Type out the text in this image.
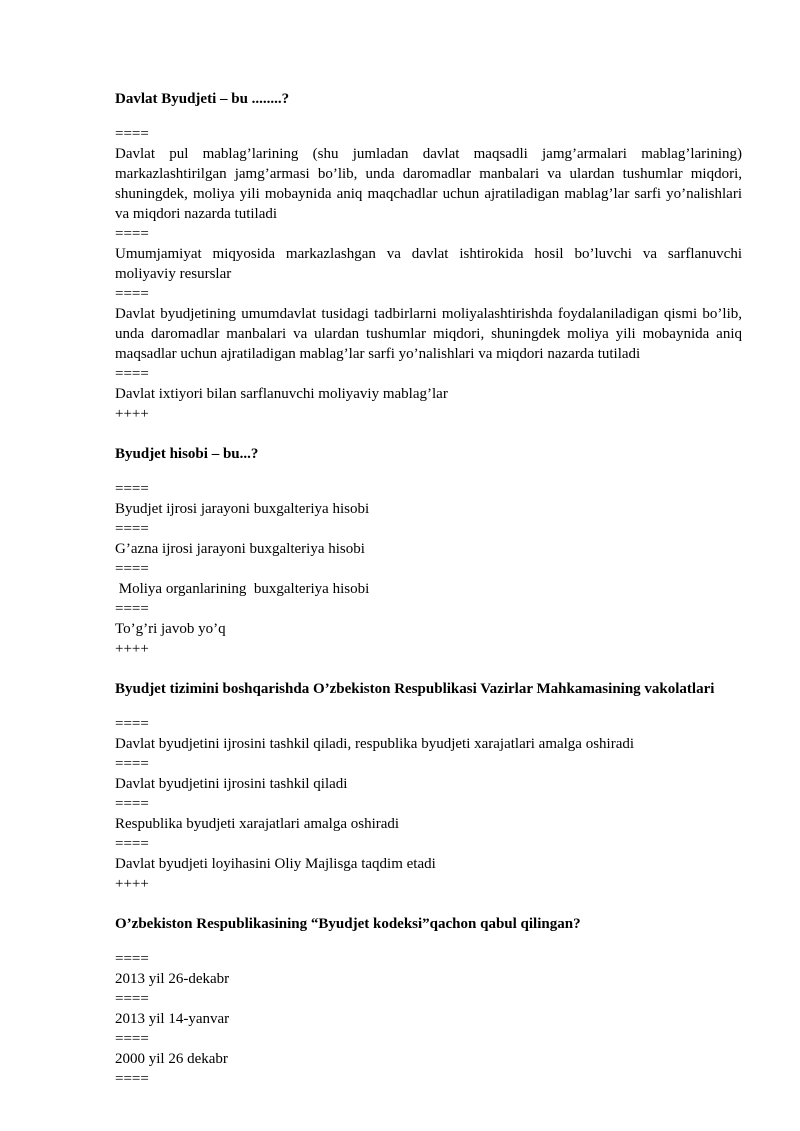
Davlat Byudjeti – bu ........?

====

Davlat pul mablag’larining (shu jumladan davlat maqsadli jamg’armalari mablag’larining) markazlashtirilgan jamg’armasi bo’lib, unda daromadlar manbalari va ulardan tushumlar miqdori, shuningdek, moliya yili mobaynida aniq maqchadlar uchun ajratiladigan mablag’lar sarfi yo’nalishlari va miqdori nazarda tutiladi

====

Umumjamiyat miqyosida markazlashgan va davlat ishtirokida hosil bo’luvchi va sarflanuvchi moliyaviy resurslar

====

Davlat byudjetining umumdavlat tusidagi tadbirlarni moliyalashtirishda foydalaniladigan qismi bo’lib, unda daromadlar manbalari va ulardan tushumlar miqdori, shuningdek moliya yili mobaynida aniq maqsadlar uchun ajratiladigan mablag’lar sarfi yo’nalishlari va miqdori nazarda tutiladi

====

Davlat ixtiyori bilan sarflanuvchi moliyaviy mablag’lar

++++

Byudjet hisobi – bu...?

====

Byudjet ijrosi jarayoni buxgalteriya hisobi

====

G’azna ijrosi jarayoni buxgalteriya hisobi

====

Moliya organlarining  buxgalteriya hisobi

====

To’g’ri javob yo’q

++++

Byudjet tizimini boshqarishda O’zbekiston Respublikasi Vazirlar Mahkamasining vakolatlari

====

Davlat byudjetini ijrosini tashkil qiladi, respublika byudjeti xarajatlari amalga oshiradi

====

Davlat byudjetini ijrosini tashkil qiladi

====

Respublika byudjeti xarajatlari amalga oshiradi

====

Davlat byudjeti loyihasini Oliy Majlisga taqdim etadi

++++

O’zbekiston Respublikasining “Byudjet kodeksi”qachon qabul qilingan?

====

2013 yil 26-dekabr

====

2013 yil 14-yanvar

====

2000 yil 26 dekabr

====
